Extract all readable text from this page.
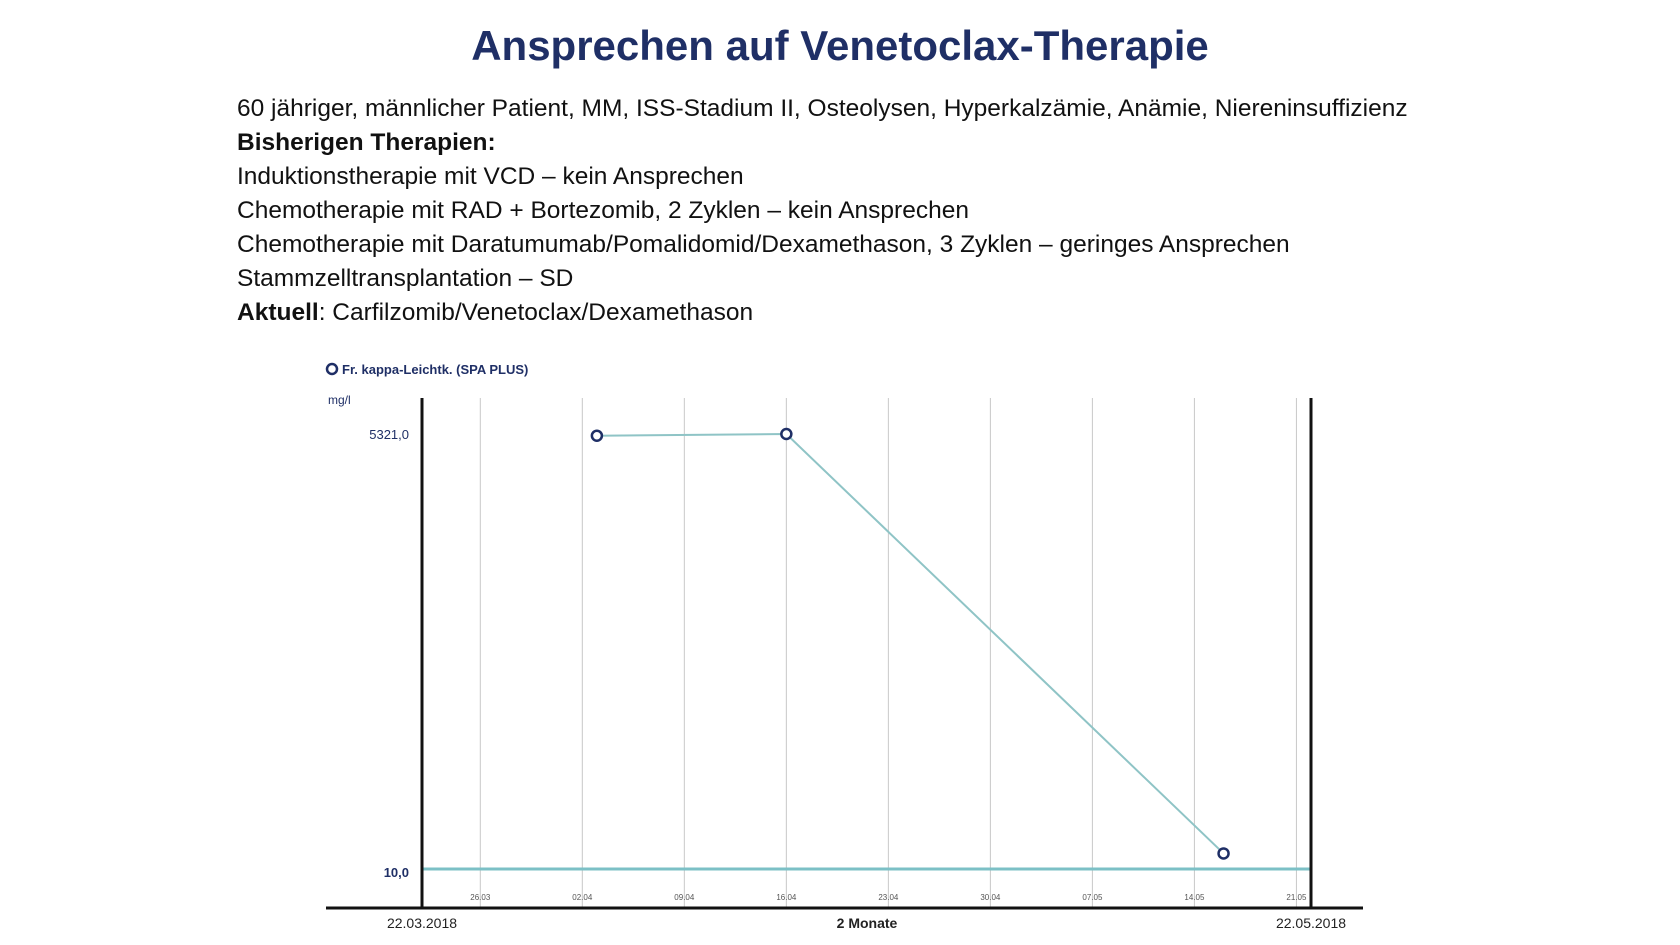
Ansprechen auf Venetoclax-Therapie
60 jähriger, männlicher Patient, MM, ISS-Stadium II, Osteolysen, Hyperkalzämie, Anämie, Niereninsuffizienz
Bisherigen Therapien:
Induktionstherapie mit VCD – kein Ansprechen
Chemotherapie mit RAD + Bortezomib, 2 Zyklen – kein Ansprechen
Chemotherapie mit Daratumumab/Pomalidomid/Dexamethason, 3 Zyklen – geringes Ansprechen
Stammzelltransplantation – SD
Aktuell: Carfilzomib/Venetoclax/Dexamethason
Fr. kappa-Leichtk. (SPA PLUS)
mg/l
5321,0
10,0
22.03.2018	2 Monate	22.05.2018
26.03	02.04	09.04	16.04	23.04	30.04	07.05	14.05	21.05
